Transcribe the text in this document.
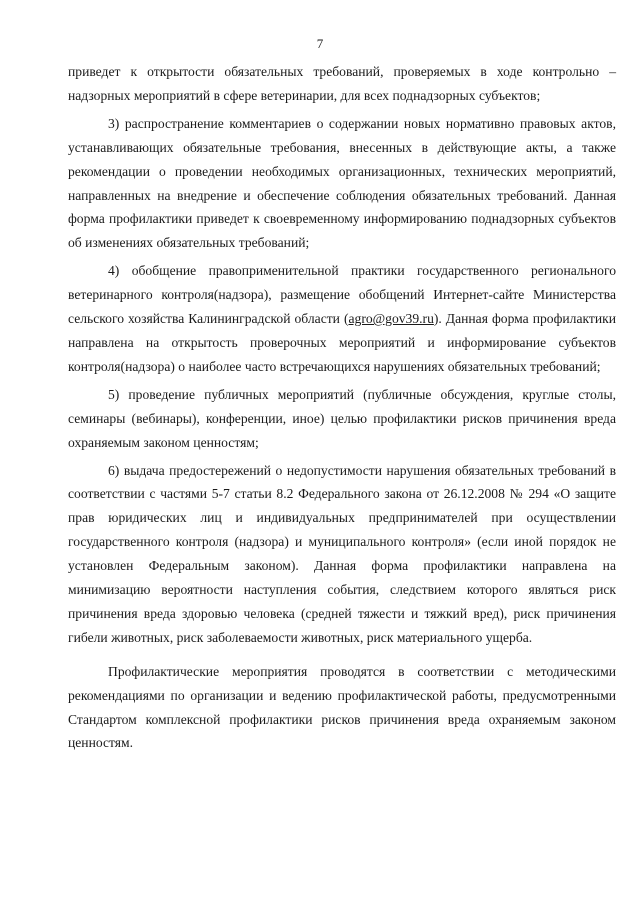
7

приведет к открытости обязательных требований, проверяемых в ходе контрольно – надзорных мероприятий в сфере ветеринарии, для всех поднадзорных субъектов;

3) распространение комментариев о содержании новых нормативно правовых актов, устанавливающих обязательные требования, внесенных в действующие акты, а также рекомендации о проведении необходимых организационных, технических мероприятий, направленных на внедрение и обеспечение соблюдения обязательных требований. Данная форма профилактики приведет к своевременному информированию поднадзорных субъектов об изменениях обязательных требований;

4) обобщение правоприменительной практики государственного регионального ветеринарного контроля(надзора), размещение обобщений Интернет-сайте Министерства сельского хозяйства Калининградской области (agro@gov39.ru). Данная форма профилактики направлена на открытость проверочных мероприятий и информирование субъектов контроля(надзора) о наиболее часто встречающихся нарушениях обязательных требований;

5) проведение публичных мероприятий (публичные обсуждения, круглые столы, семинары (вебинары), конференции, иное) целью профилактики рисков причинения вреда охраняемым законом ценностям;

6) выдача предостережений о недопустимости нарушения обязательных требований в соответствии с частями 5-7 статьи 8.2 Федерального закона от 26.12.2008 № 294 «О защите прав юридических лиц и индивидуальных предпринимателей при осуществлении государственного контроля (надзора) и муниципального контроля» (если иной порядок не установлен Федеральным законом). Данная форма профилактики направлена на минимизацию вероятности наступления события, следствием которого являться риск причинения вреда здоровью человека (средней тяжести и тяжкий вред), риск причинения гибели животных, риск заболеваемости животных, риск материального ущерба.

Профилактические мероприятия проводятся в соответствии с методическими рекомендациями по организации и ведению профилактической работы, предусмотренными Стандартом комплексной профилактики рисков причинения вреда охраняемым законом ценностям.
